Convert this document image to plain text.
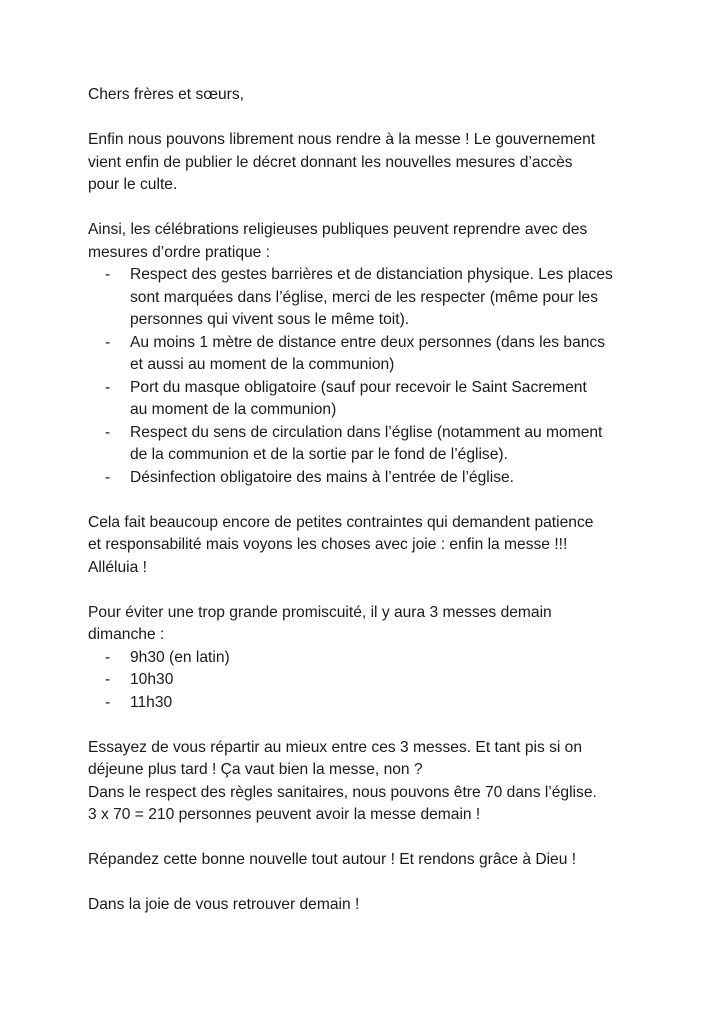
Chers frères et sœurs,
Enfin nous pouvons librement nous rendre à la messe ! Le gouvernement
vient enfin de publier le décret donnant les nouvelles mesures d’accès
pour le culte.
Ainsi, les célébrations religieuses publiques peuvent reprendre avec des
mesures d’ordre pratique :
- Respect des gestes barrières et de distanciation physique. Les places
sont marquées dans l’église, merci de les respecter (même pour les
personnes qui vivent sous le même toit).
- Au moins 1 mètre de distance entre deux personnes (dans les bancs
et aussi au moment de la communion)
- Port du masque obligatoire (sauf pour recevoir le Saint Sacrement
au moment de la communion)
- Respect du sens de circulation dans l’église (notamment au moment
de la communion et de la sortie par le fond de l’église).
- Désinfection obligatoire des mains à l’entrée de l’église.
Cela fait beaucoup encore de petites contraintes qui demandent patience
et responsabilité mais voyons les choses avec joie : enfin la messe !!!
Alléluia !
Pour éviter une trop grande promiscuité, il y aura 3 messes demain
dimanche :
- 9h30 (en latin)
- 10h30
- 11h30
Essayez de vous répartir au mieux entre ces 3 messes. Et tant pis si on
déjeune plus tard ! Ça vaut bien la messe, non ?
Dans le respect des règles sanitaires, nous pouvons être 70 dans l’église.
3 x 70 = 210 personnes peuvent avoir la messe demain !
Répandez cette bonne nouvelle tout autour ! Et rendons grâce à Dieu !
Dans la joie de vous retrouver demain !
